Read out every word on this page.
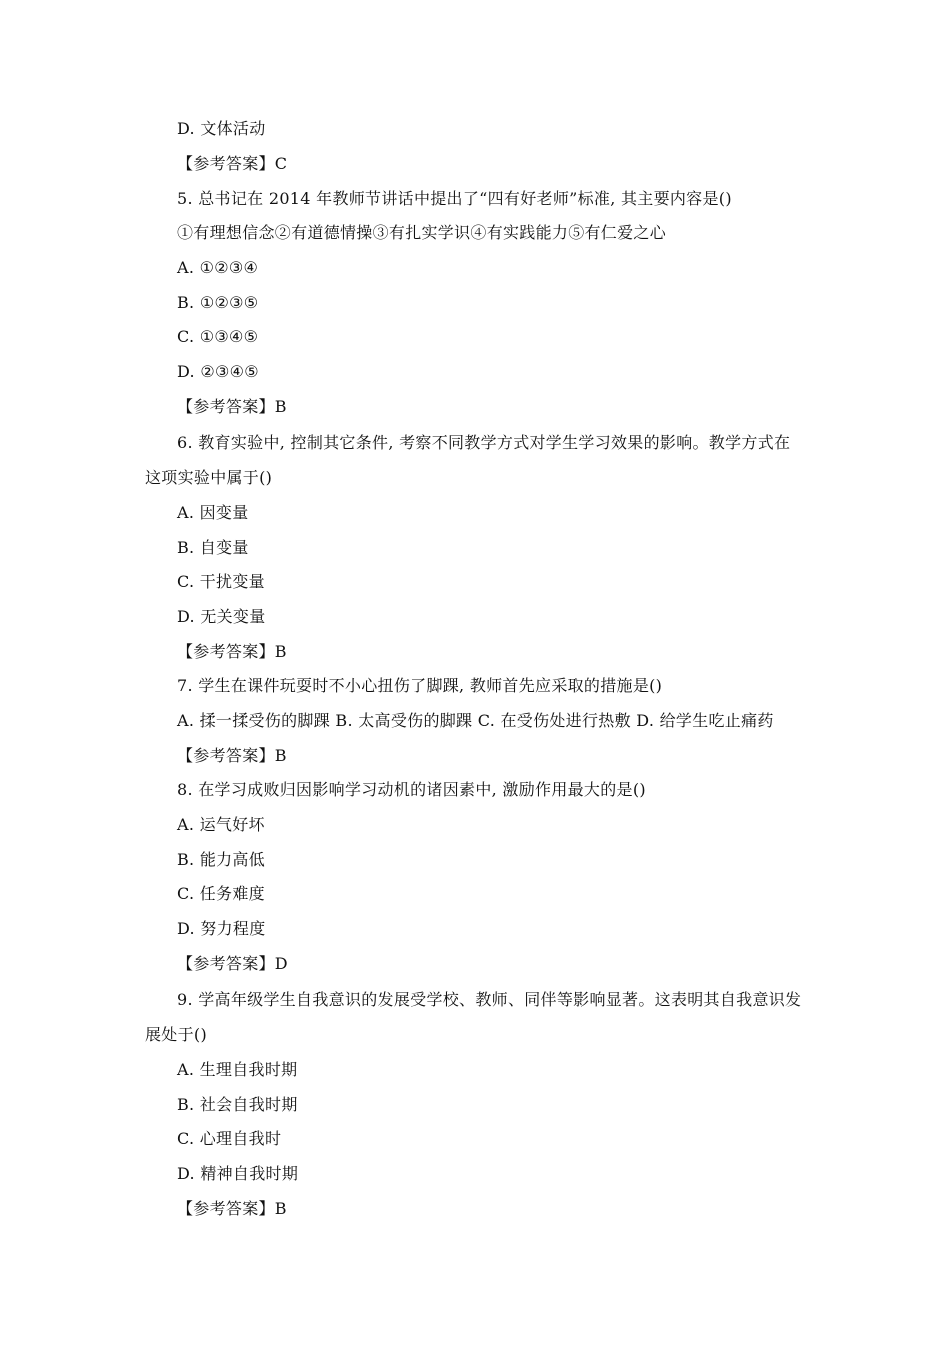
D. 文体活动
【参考答案】C
5. 总书记在 2014 年教师节讲话中提出了“四有好老师”标准, 其主要内容是()
①有理想信念②有道德情操③有扎实学识④有实践能力⑤有仁爱之心
A. ①②③④
B. ①②③⑤
C. ①③④⑤
D. ②③④⑤
【参考答案】B
6. 教育实验中, 控制其它条件, 考察不同教学方式对学生学习效果的影响。教学方式在
这项实验中属于()
A. 因变量
B. 自变量
C. 干扰变量
D. 无关变量
【参考答案】B
7. 学生在课件玩耍时不小心扭伤了脚踝, 教师首先应采取的措施是()
A. 揉一揉受伤的脚踝 B. 太高受伤的脚踝 C. 在受伤处进行热敷 D. 给学生吃止痛药
【参考答案】B
8. 在学习成败归因影响学习动机的诸因素中, 激励作用最大的是()
A. 运气好坏
B. 能力高低
C. 任务难度
D. 努力程度
【参考答案】D
9. 学高年级学生自我意识的发展受学校、教师、同伴等影响显著。这表明其自我意识发
展处于()
A. 生理自我时期
B. 社会自我时期
C. 心理自我时
D. 精神自我时期
【参考答案】B
